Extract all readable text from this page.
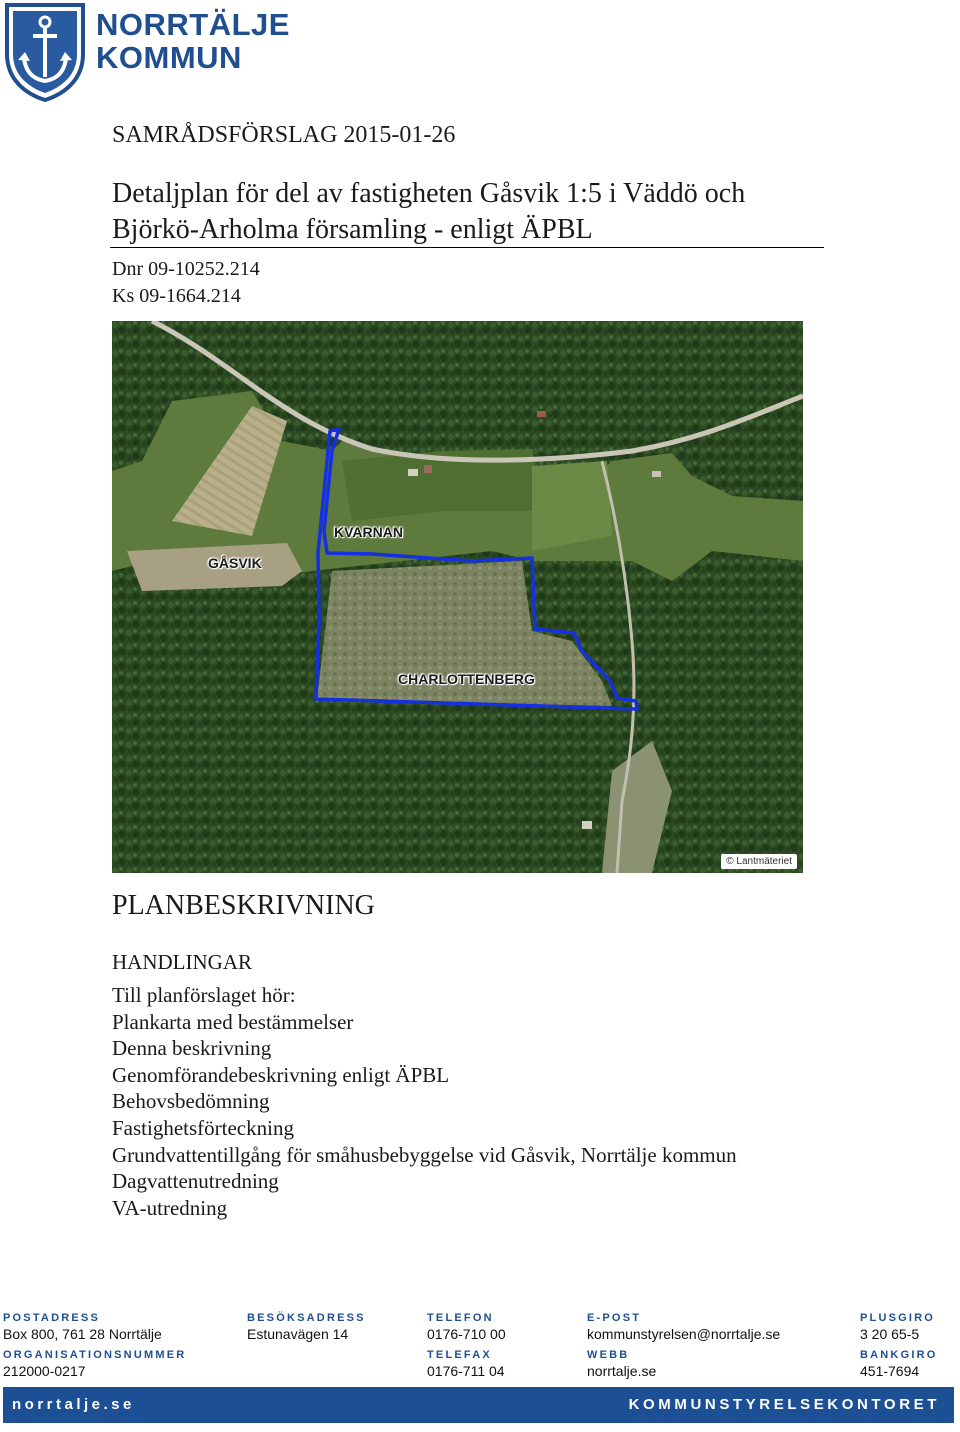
NORRTÄLJE
KOMMUN
SAMRÅDSFÖRSLAG 2015-01-26
Detaljplan för del av fastigheten Gåsvik 1:5 i Väddö och
Björkö-Arholma församling - enligt ÄPBL
Dnr 09-10252.214
Ks 09-1664.214
GÅSVIK
KVARNAN
CHARLOTTENBERG
© Lantmäteriet
PLANBESKRIVNING
HANDLINGAR
Till planförslaget hör:
Plankarta med bestämmelser
Denna beskrivning
Genomförandebeskrivning enligt ÄPBL
Behovsbedömning
Fastighetsförteckning
Grundvattentillgång för småhusbebyggelse vid Gåsvik, Norrtälje kommun
Dagvattenutredning
VA-utredning
POSTADRESS
Box 800, 761 28 Norrtälje
BESÖKSADRESS
Estunavägen 14
TELEFON
0176-710 00
E-POST
kommunstyrelsen@norrtalje.se
PLUSGIRO
3 20 65-5
ORGANISATIONSNUMMER
212000-0217
TELEFAX
0176-711 04
WEBB
norrtalje.se
BANKGIRO
451-7694
norrtalje.se	KOMMUNSTYRELSEKONTORET
